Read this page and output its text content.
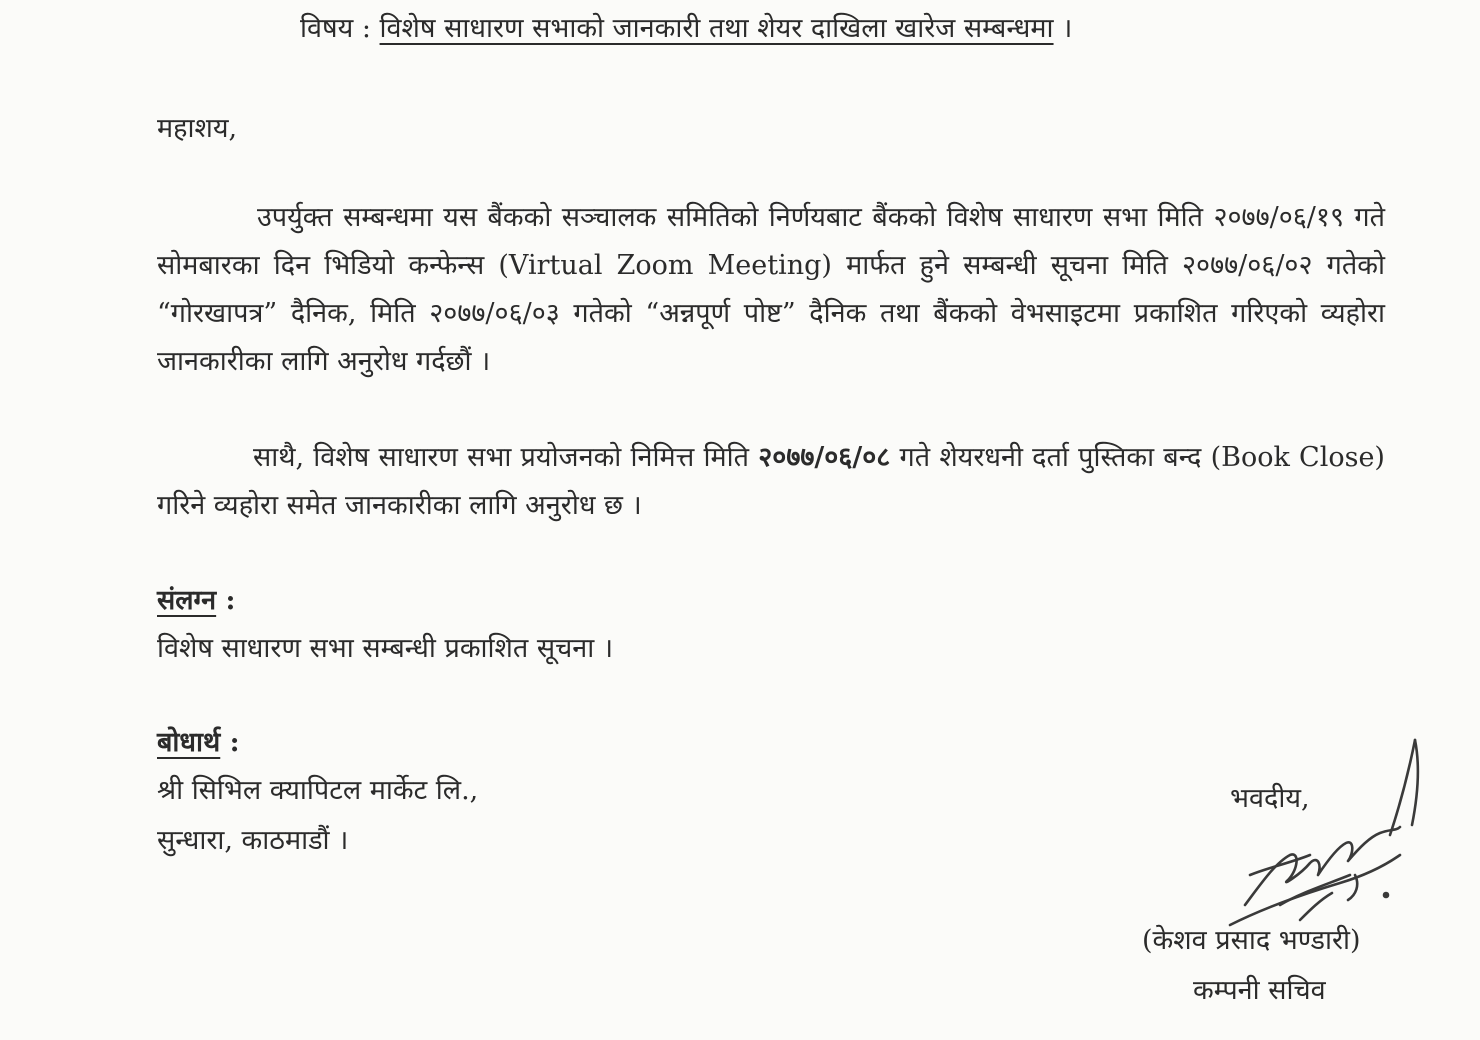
विषय : विशेष साधारण सभाको जानकारी तथा शेयर दाखिला खारेज सम्बन्धमा ।
महाशय,
उपर्युक्त सम्बन्धमा यस बैंकको सञ्चालक समितिको निर्णयबाट बैंकको विशेष साधारण सभा मिति २०७७/०६/१९ गते सोमबारका दिन भिडियो कन्फेन्स (Virtual Zoom Meeting) मार्फत हुने सम्बन्धी सूचना मिति २०७७/०६/०२ गतेको “गोरखापत्र” दैनिक, मिति २०७७/०६/०३ गतेको “अन्नपूर्ण पोष्ट” दैनिक तथा बैंकको वेभसाइटमा प्रकाशित गरिएको व्यहोरा जानकारीका लागि अनुरोध गर्दछौं ।
साथै, विशेष साधारण सभा प्रयोजनको निमित्त मिति २०७७/०६/०८ गते शेयरधनी दर्ता पुस्तिका बन्द (Book Close) गरिने व्यहोरा समेत जानकारीका लागि अनुरोध छ ।
संलग्न :
विशेष साधारण सभा सम्बन्धी प्रकाशित सूचना ।
बोधार्थ :
श्री सिभिल क्यापिटल मार्केट लि.,
सुन्धारा, काठमाडौं ।
भवदीय,
(केशव प्रसाद भण्डारी)
कम्पनी सचिव
